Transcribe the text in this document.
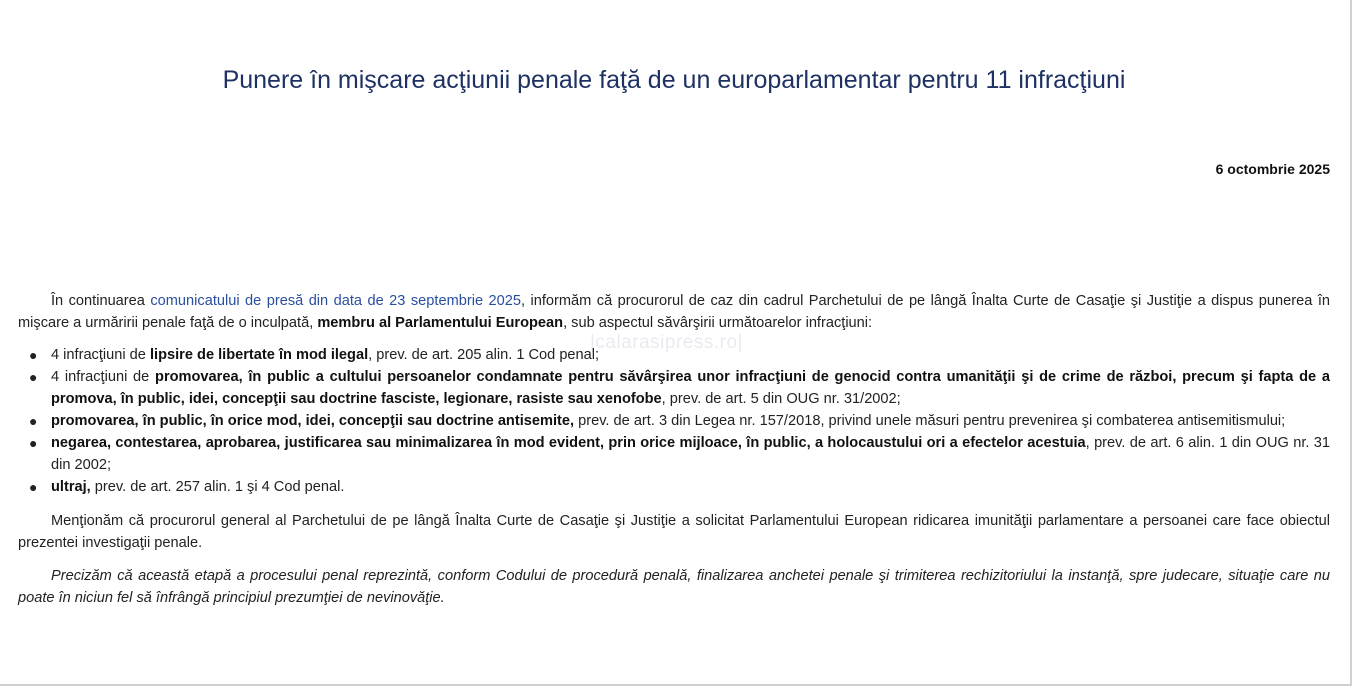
Punere în mişcare acţiunii penale faţă de un europarlamentar pentru 11 infracţiuni
6 octombrie 2025
|calarasipress.ro|

În continuarea comunicatului de presă din data de 23 septembrie 2025, informăm că procurorul de caz din cadrul Parchetului de pe lângă Înalta Curte de Casaţie şi Justiţie a dispus punerea în mişcare a urmăririi penale faţă de o inculpată, membru al Parlamentului European, sub aspectul săvârşirii următoarelor infracţiuni:

● 4 infracţiuni de lipsire de libertate în mod ilegal, prev. de art. 205 alin. 1 Cod penal;
● 4 infracţiuni de promovarea, în public a cultului persoanelor condamnate pentru săvârşirea unor infracţiuni de genocid contra umanităţii şi de crime de război, precum şi fapta de a promova, în public, idei, concepţii sau doctrine fasciste, legionare, rasiste sau xenofobe, prev. de art. 5 din OUG nr. 31/2002;
● promovarea, în public, în orice mod, idei, concepţii sau doctrine antisemite, prev. de art. 3 din Legea nr. 157/2018, privind unele măsuri pentru prevenirea şi combaterea antisemitismului;
● negarea, contestarea, aprobarea, justificarea sau minimalizarea în mod evident, prin orice mijloace, în public, a holocaustului ori a efectelor acestuia, prev. de art. 6 alin. 1 din OUG nr. 31 din 2002;
● ultraj, prev. de art. 257 alin. 1 şi 4 Cod penal.

Menţionăm că procurorul general al Parchetului de pe lângă Înalta Curte de Casaţie şi Justiţie a solicitat Parlamentului European ridicarea imunităţii parlamentare a persoanei care face obiectul prezentei investigaţii penale.

Precizăm că această etapă a procesului penal reprezintă, conform Codului de procedură penală, finalizarea anchetei penale şi trimiterea rechizitoriului la instanţă, spre judecare, situaţie care nu poate în niciun fel să înfrângă principiul prezumţiei de nevinovăţie.
